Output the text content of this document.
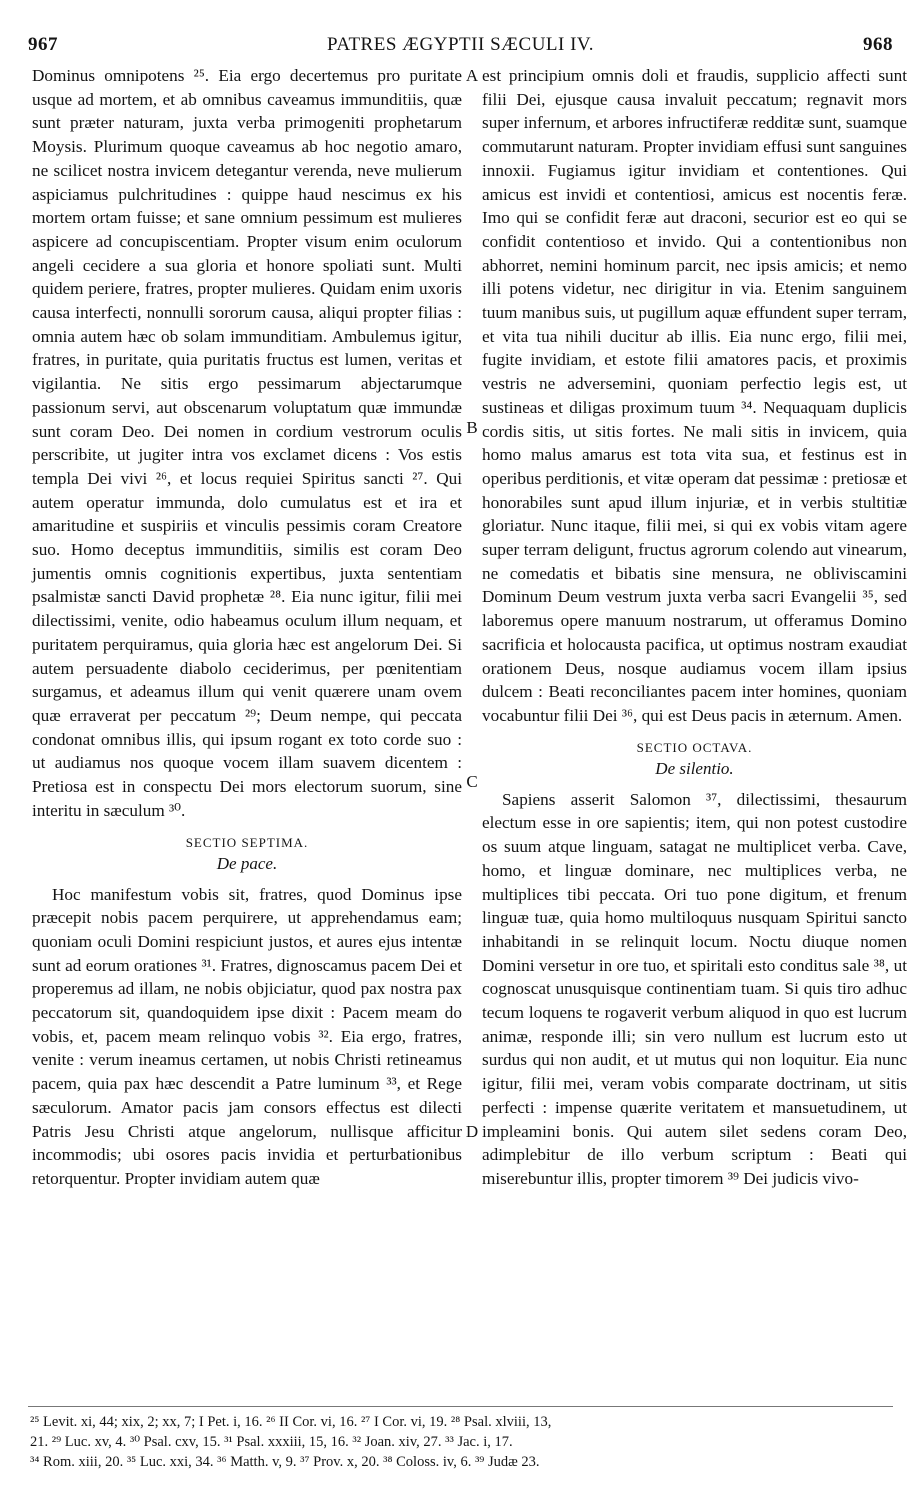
967	PATRES ÆGYPTII SÆCULI IV.	968

Dominus omnipotens ²⁵. Eia ergo decertemus pro puritate usque ad mortem, et ab omnibus caveamus immunditiis, quæ sunt præter naturam, juxta verba primogeniti prophetarum Moysis. Plurimum quoque caveamus ab hoc negotio amaro, ne scilicet nostra invicem detegantur verenda, neve mulierum aspiciamus pulchritudines : quippe haud nescimus ex his mortem ortam fuisse; et sane omnium pessimum est mulieres aspicere ad concupiscentiam. Propter visum enim oculorum angeli cecidere a sua gloria et honore spoliati sunt. Multi quidem periere, fratres, propter mulieres. Quidam enim uxoris causa interfecti, nonnulli sororum causa, aliqui propter filias : omnia autem hæc ob solam immunditiam. Ambulemus igitur, fratres, in puritate, quia puritatis fructus est lumen, veritas et vigilantia. Ne sitis ergo pessimarum abjectarumque passionum servi, aut obscenarum voluptatum quæ immundæ sunt coram Deo. Dei nomen in cordium vestrorum oculis perscribite, ut jugiter intra vos exclamet dicens : Vos estis templa Dei vivi ²⁶, et locus requiei Spiritus sancti ²⁷. Qui autem operatur immunda, dolo cumulatus est et ira et amaritudine et suspiriis et vinculis pessimis coram Creatore suo. Homo deceptus immunditiis, similis est coram Deo jumentis omnis cognitionis expertibus, juxta sententiam psalmistæ sancti David prophetæ ²⁸. Eia nunc igitur, filii mei dilectissimi, venite, odio habeamus oculum illum nequam, et puritatem perquiramus, quia gloria hæc est angelorum Dei. Si autem persuadente diabolo ceciderimus, per pœnitentiam surgamus, et adeamus illum qui venit quærere unam ovem quæ erraverat per peccatum ²⁹; Deum nempe, qui peccata condonat omnibus illis, qui ipsum rogant ex toto corde suo : ut audiamus nos quoque vocem illam suavem dicentem : Pretiosa est in conspectu Dei mors electorum suorum, sine interitu in sæculum ³⁰.

SECTIO SEPTIMA.
De pace.

Hoc manifestum vobis sit, fratres, quod Dominus ipse præcepit nobis pacem perquirere, ut apprehendamus eam; quoniam oculi Domini respiciunt justos, et aures ejus intentæ sunt ad eorum orationes ³¹. Fratres, dignoscamus pacem Dei et properemus ad illam, ne nobis objiciatur, quod pax nostra pax peccatorum sit, quandoquidem ipse dixit : Pacem meam do vobis, et, pacem meam relinquo vobis ³². Eia ergo, fratres, venite : verum ineamus certamen, ut nobis Christi retineamus pacem, quia pax hæc descendit a Patre luminum ³³, et Rege sæculorum. Amator pacis jam consors effectus est dilecti Patris Jesu Christi atque angelorum, nullisque afficitur incommodis; ubi osores pacis invidia et perturbationibus retorquentur. Propter invidiam autem quæ

A
B
C
D

est principium omnis doli et fraudis, supplicio affecti sunt filii Dei, ejusque causa invaluit peccatum; regnavit mors super infernum, et arbores infructiferæ redditæ sunt, suamque commutarunt naturam. Propter invidiam effusi sunt sanguines innoxii. Fugiamus igitur invidiam et contentiones. Qui amicus est invidi et contentiosi, amicus est nocentis feræ. Imo qui se confidit feræ aut draconi, securior est eo qui se confidit contentioso et invido. Qui a contentionibus non abhorret, nemini hominum parcit, nec ipsis amicis; et nemo illi potens videtur, nec dirigitur in via. Etenim sanguinem tuum manibus suis, ut pugillum aquæ effundent super terram, et vita tua nihili ducitur ab illis. Eia nunc ergo, filii mei, fugite invidiam, et estote filii amatores pacis, et proximis vestris ne adversemini, quoniam perfectio legis est, ut sustineas et diligas proximum tuum ³⁴. Nequaquam duplicis cordis sitis, ut sitis fortes. Ne mali sitis in invicem, quia homo malus amarus est tota vita sua, et festinus est in operibus perditionis, et vitæ operam dat pessimæ : pretiosæ et honorabiles sunt apud illum injuriæ, et in verbis stultitiæ gloriatur. Nunc itaque, filii mei, si qui ex vobis vitam agere super terram deligunt, fructus agrorum colendo aut vinearum, ne comedatis et bibatis sine mensura, ne obliviscamini Dominum Deum vestrum juxta verba sacri Evangelii ³⁵, sed laboremus opere manuum nostrarum, ut offeramus Domino sacrificia et holocausta pacifica, ut optimus nostram exaudiat orationem Deus, nosque audiamus vocem illam ipsius dulcem : Beati reconciliantes pacem inter homines, quoniam vocabuntur filii Dei ³⁶, qui est Deus pacis in æternum. Amen.

SECTIO OCTAVA.
De silentio.

Sapiens asserit Salomon ³⁷, dilectissimi, thesaurum electum esse in ore sapientis; item, qui non potest custodire os suum atque linguam, satagat ne multiplicet verba. Cave, homo, et linguæ dominare, nec multiplices verba, ne multiplices tibi peccata. Ori tuo pone digitum, et frenum linguæ tuæ, quia homo multiloquus nusquam Spiritui sancto inhabitandi in se relinquit locum. Noctu diuque nomen Domini versetur in ore tuo, et spiritali esto conditus sale ³⁸, ut cognoscat unusquisque continentiam tuam. Si quis tiro adhuc tecum loquens te rogaverit verbum aliquod in quo est lucrum animæ, responde illi; sin vero nullum est lucrum esto ut surdus qui non audit, et ut mutus qui non loquitur. Eia nunc igitur, filii mei, veram vobis comparate doctrinam, ut sitis perfecti : impense quærite veritatem et mansuetudinem, ut impleamini bonis. Qui autem silet sedens coram Deo, adimplebitur de illo verbum scriptum : Beati qui miserebuntur illis, propter timorem ³⁹ Dei judicis vivo-

²⁵ Levit. xi, 44; xix, 2; xx, 7; I Pet. i, 16. ²⁶ II Cor. vi, 16. ²⁷ I Cor. vi, 19. ²⁸ Psal. xlviii, 13,
21. ²⁹ Luc. xv, 4. ³⁰ Psal. cxv, 15. ³¹ Psal. xxxiii, 15, 16. ³² Joan. xiv, 27. ³³ Jac. i, 17.
³⁴ Rom. xiii, 20. ³⁵ Luc. xxi, 34. ³⁶ Matth. v, 9. ³⁷ Prov. x, 20. ³⁸ Coloss. iv, 6. ³⁹ Judæ 23.
